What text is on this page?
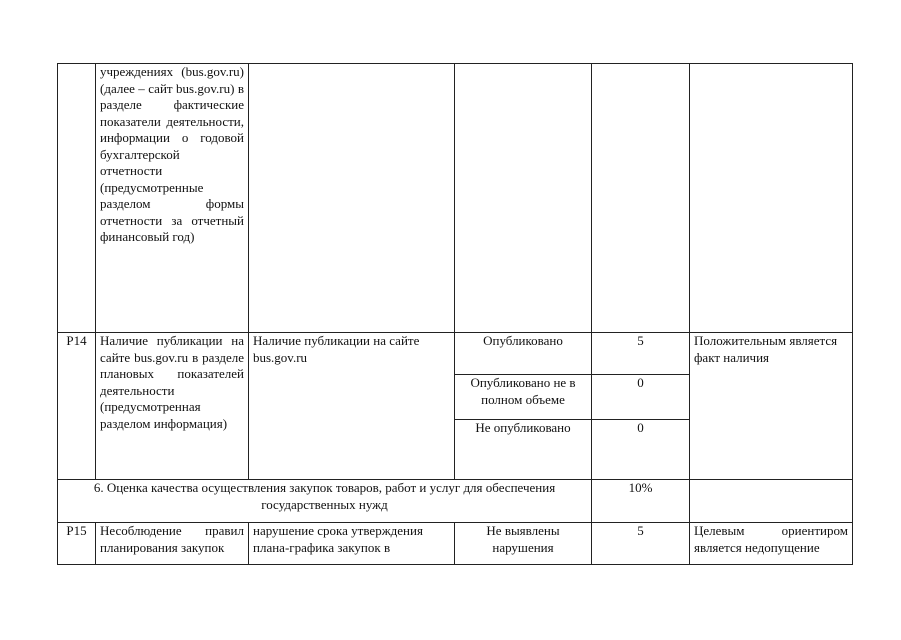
	учреждениях (bus.gov.ru) (далее – сайт bus.gov.ru) в разделе фактические показатели деятельности, информации о годовой бухгалтерской отчетности (предусмотренные разделом формы отчетности за отчетный финансовый год)				
Р14	Наличие публикации на сайте bus.gov.ru в разделе плановых показателей деятельности (предусмотренная разделом информация)	Наличие публикации на сайте bus.gov.ru	Опубликовано	5	Положительным является факт наличия
			Опубликовано не в полном объеме	0	
			Не опубликовано	0	
6. Оценка качества осуществления закупок товаров, работ и услуг для обеспечения государственных нужд				10%	
Р15	Несоблюдение правил планирования закупок	нарушение срока утверждения плана-графика закупок в	Не выявлены нарушения	5	Целевым ориентиром является недопущение
